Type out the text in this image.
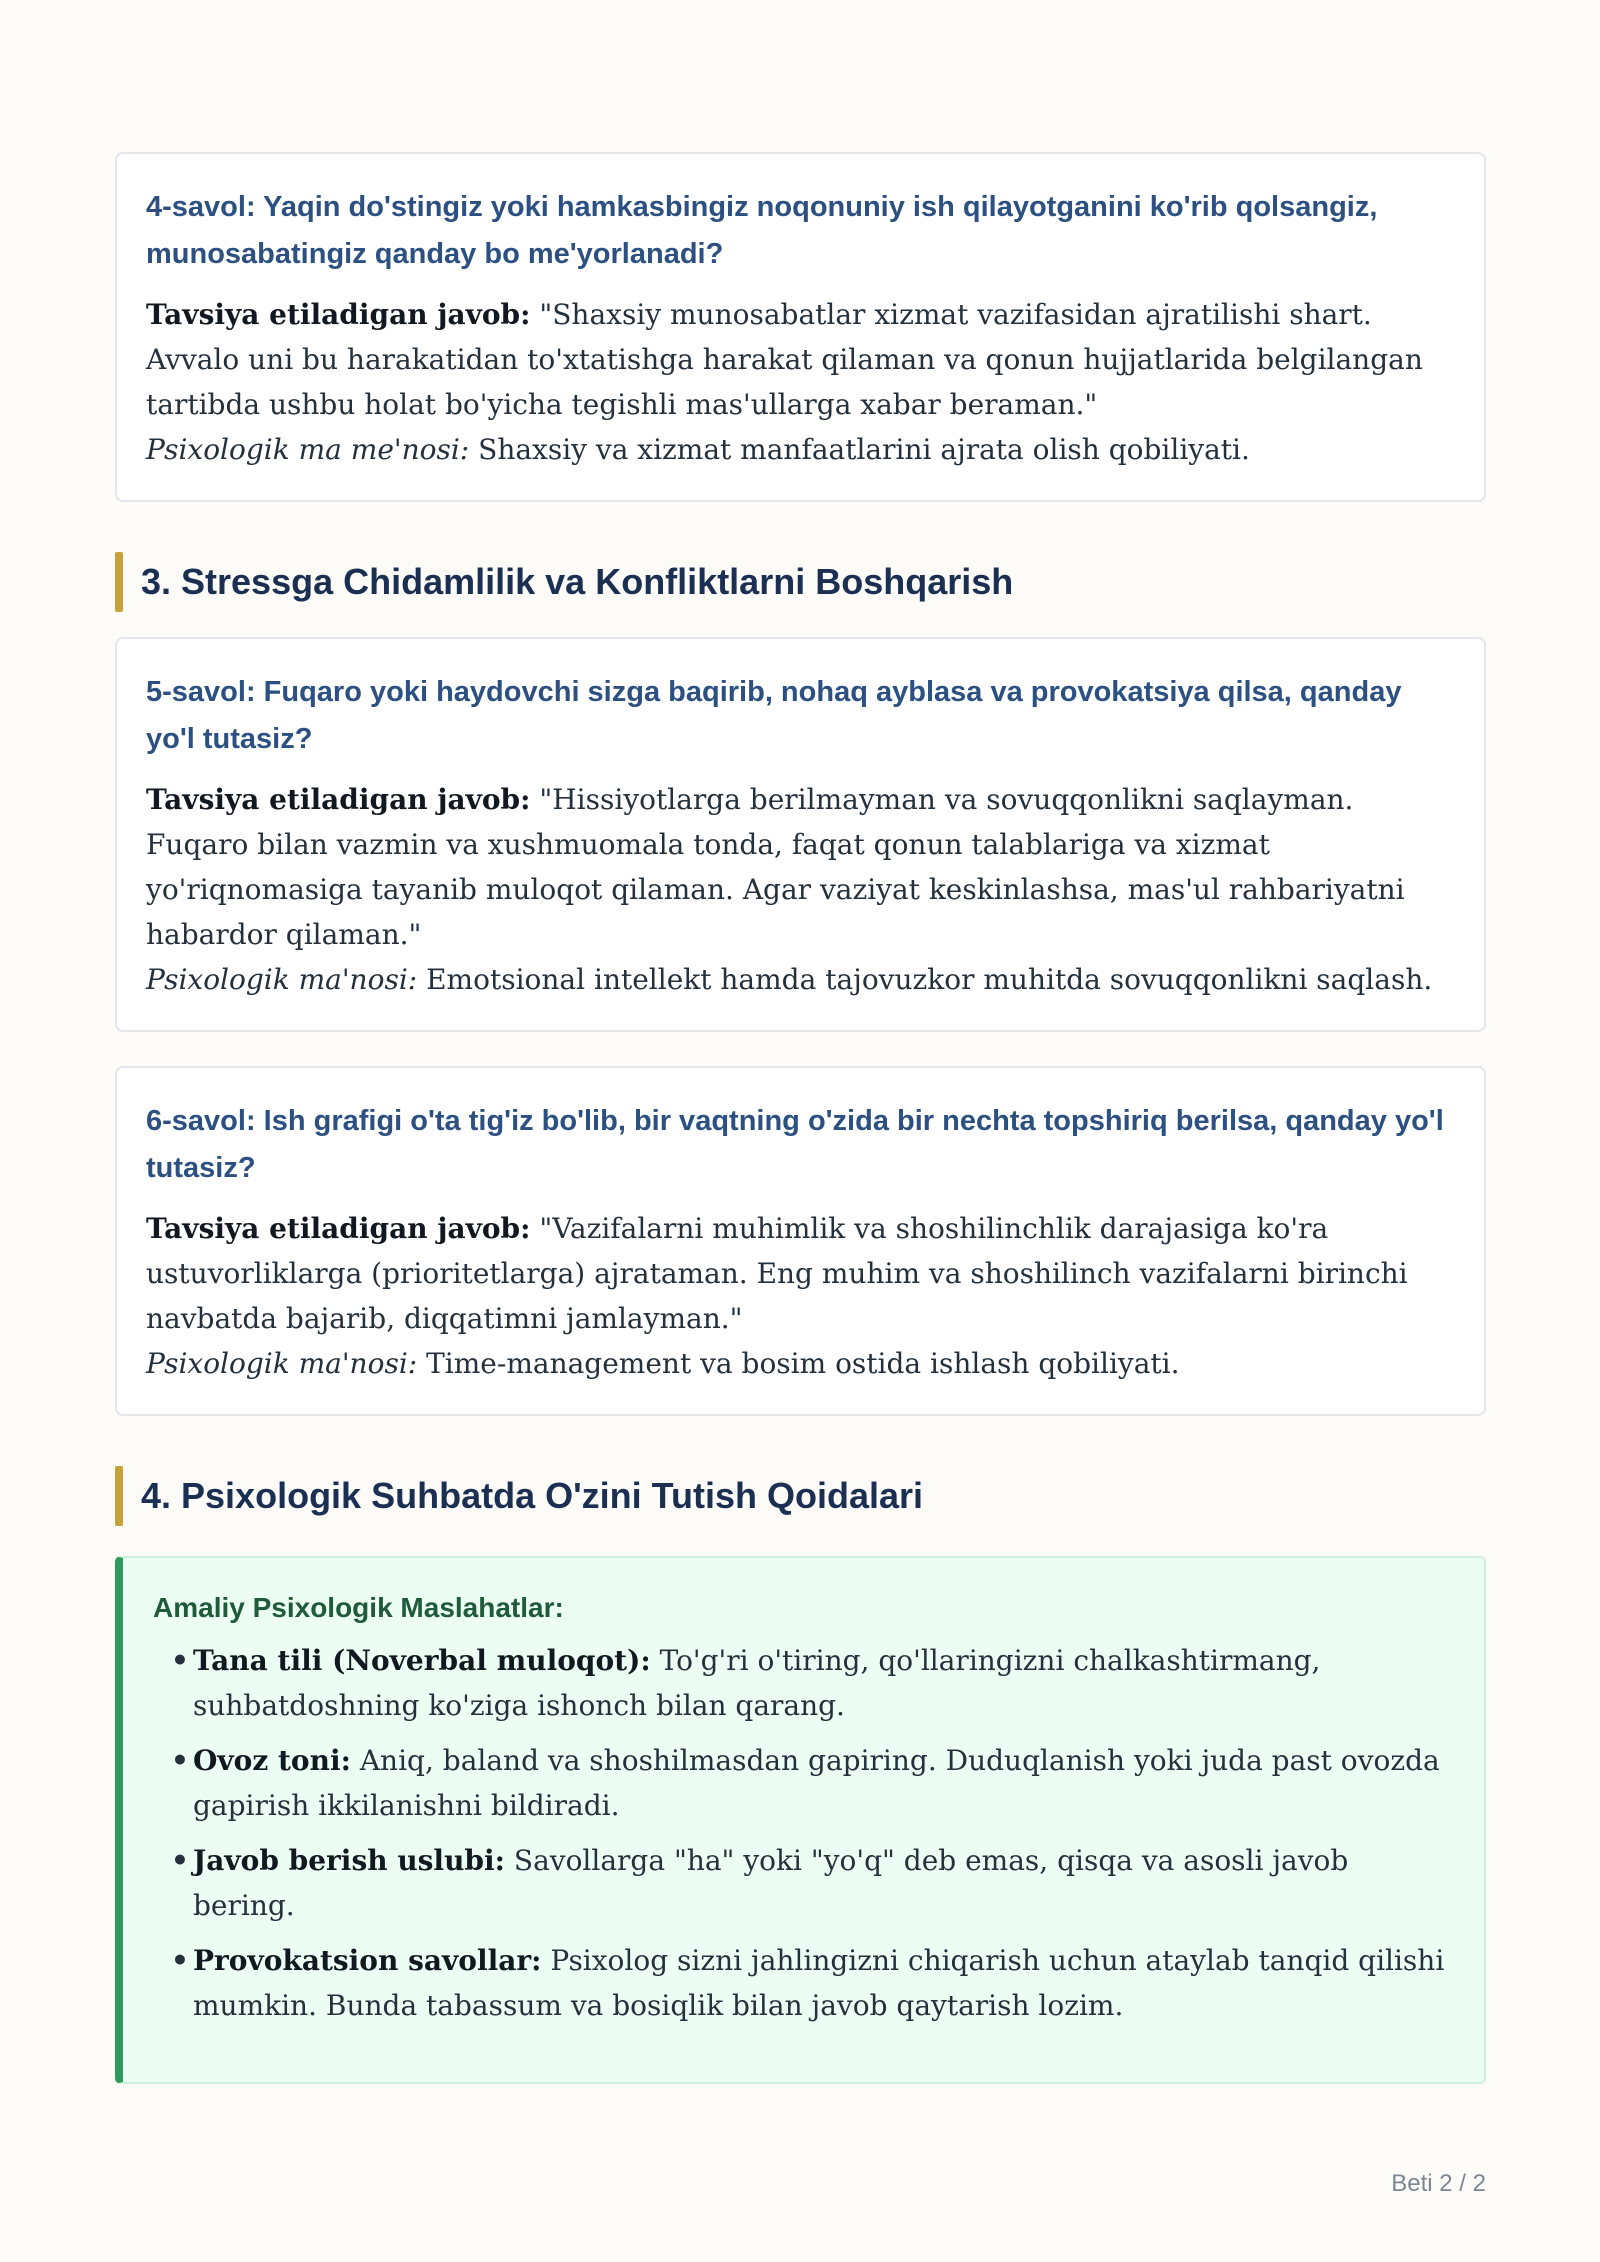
4-savol: Yaqin do'stingiz yoki hamkasbingiz noqonuniy ish qilayotganini ko'rib qolsangiz, munosabatingiz qanday bo me'yorlanadi?

Tavsiya etiladigan javob: "Shaxsiy munosabatlar xizmat vazifasidan ajratilishi shart. Avvalo uni bu harakatidan to'xtatishga harakat qilaman va qonun hujjatlarida belgilangan tartibda ushbu holat bo'yicha tegishli mas'ullarga xabar beraman."
Psixologik ma me'nosi: Shaxsiy va xizmat manfaatlarini ajrata olish qobiliyati.

3. Stressga Chidamlilik va Konfliktlarni Boshqarish

5-savol: Fuqaro yoki haydovchi sizga baqirib, nohaq ayblasa va provokatsiya qilsa, qanday yo'l tutasiz?

Tavsiya etiladigan javob: "Hissiyotlarga berilmayman va sovuqqonlikni saqlayman. Fuqaro bilan vazmin va xushmuomala tonda, faqat qonun talablariga va xizmat yo'riqnomasiga tayanib muloqot qilaman. Agar vaziyat keskinlashsa, mas'ul rahbariyatni habardor qilaman."
Psixologik ma'nosi: Emotsional intellekt hamda tajovuzkor muhitda sovuqqonlikni saqlash.

6-savol: Ish grafigi o'ta tig'iz bo'lib, bir vaqtning o'zida bir nechta topshiriq berilsa, qanday yo'l tutasiz?

Tavsiya etiladigan javob: "Vazifalarni muhimlik va shoshilinchlik darajasiga ko'ra ustuvorliklarga (prioritetlarga) ajrataman. Eng muhim va shoshilinch vazifalarni birinchi navbatda bajarib, diqqatimni jamlayman."
Psixologik ma'nosi: Time-management va bosim ostida ishlash qobiliyati.

4. Psixologik Suhbatda O'zini Tutish Qoidalari

Amaliy Psixologik Maslahatlar:

• Tana tili (Noverbal muloqot): To'g'ri o'tiring, qo'llaringizni chalkashtirmang, suhbatdoshning ko'ziga ishonch bilan qarang.
• Ovoz toni: Aniq, baland va shoshilmasdan gapiring. Duduqlanish yoki juda past ovozda gapirish ikkilanishni bildiradi.
• Javob berish uslubi: Savollarga "ha" yoki "yo'q" deb emas, qisqa va asosli javob bering.
• Provokatsion savollar: Psixolog sizni jahlingizni chiqarish uchun ataylab tanqid qilishi mumkin. Bunda tabassum va bosiqlik bilan javob qaytarish lozim.
Beti 2 / 2
